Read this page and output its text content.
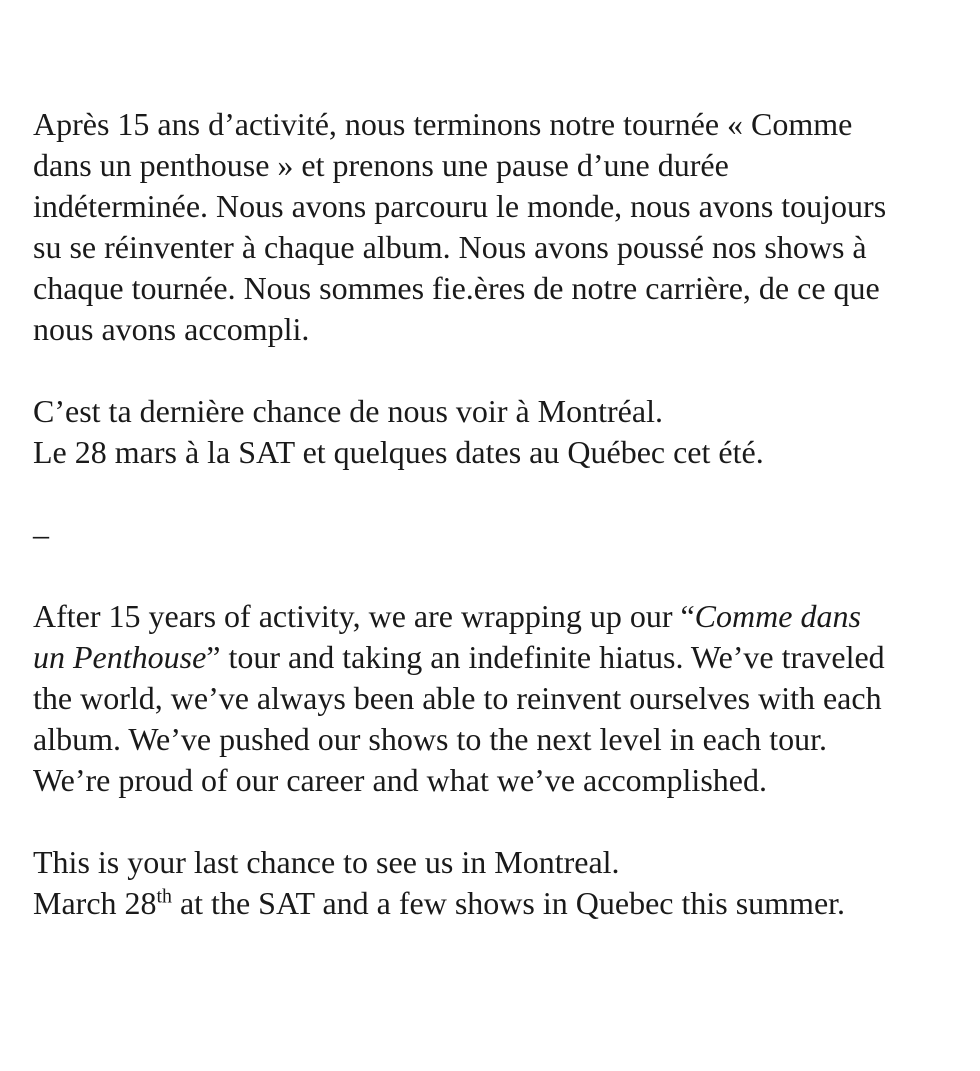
Après 15 ans d’activité, nous terminons notre tournée « Comme
dans un penthouse » et prenons une pause d’une durée
indéterminée. Nous avons parcouru le monde, nous avons toujours
su se réinventer à chaque album. Nous avons poussé nos shows à
chaque tournée. Nous sommes fie.ères de notre carrière, de ce que
nous avons accompli.

C’est ta dernière chance de nous voir à Montréal.
Le 28 mars à la SAT et quelques dates au Québec cet été.

–

After 15 years of activity, we are wrapping up our “Comme dans
un Penthouse” tour and taking an indefinite hiatus. We’ve traveled
the world, we’ve always been able to reinvent ourselves with each
album. We’ve pushed our shows to the next level in each tour.
We’re proud of our career and what we’ve accomplished.

This is your last chance to see us in Montreal.
March 28th at the SAT and a few shows in Quebec this summer.
